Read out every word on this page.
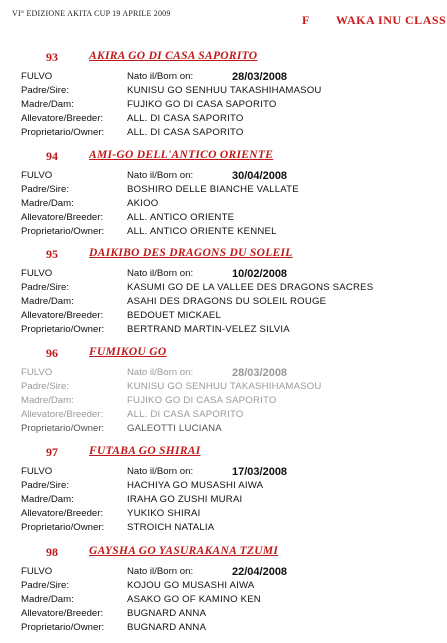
VI° EDIZIONE AKITA CUP 19 APRILE 2009	F WAKA INU CLASS
93	AKIRA GO DI CASA SAPORITO
FULVO	Nato il/Born on:	28/03/2008
Padre/Sire:	KUNISU GO SENHUU TAKASHIHAMASOU
Madre/Dam:	FUJIKO GO DI CASA SAPORITO
Allevatore/Breeder: ALL. DI CASA SAPORITO
Proprietario/Owner: ALL. DI CASA SAPORITO
94	AMI-GO DELL'ANTICO ORIENTE
FULVO	Nato il/Born on:	30/04/2008
Padre/Sire:	BOSHIRO DELLE BIANCHE VALLATE
Madre/Dam:	AKIOO
Allevatore/Breeder: ALL. ANTICO ORIENTE
Proprietario/Owner: ALL. ANTICO ORIENTE KENNEL
95	DAIKIBO DES DRAGONS DU SOLEIL
FULVO	Nato il/Born on:	10/02/2008
Padre/Sire:	KASUMI GO DE LA VALLEE DES DRAGONS SACRES
Madre/Dam:	ASAHI DES DRAGONS DU SOLEIL ROUGE
Allevatore/Breeder: BEDOUET MICKAEL
Proprietario/Owner: BERTRAND MARTIN-VELEZ SILVIA
96	FUMIKOU GO
FULVO	Nato il/Born on:	28/03/2008
Padre/Sire:	KUNISU GO SENHUU TAKASHIHAMASOU
Madre/Dam:	FUJIKO GO DI CASA SAPORITO
Allevatore/Breeder: ALL. DI CASA SAPORITO
Proprietario/Owner: GALEOTTI LUCIANA
97	FUTABA GO SHIRAI
FULVO	Nato il/Born on:	17/03/2008
Padre/Sire:	HACHIYA GO MUSASHI AIWA
Madre/Dam:	IRAHA GO ZUSHI MURAI
Allevatore/Breeder: YUKIKO SHIRAI
Proprietario/Owner: STROICH NATALIA
98	GAYSHA GO YASURAKANA TZUMI
FULVO	Nato il/Born on:	22/04/2008
Padre/Sire:	KOJOU GO MUSASHI AIWA
Madre/Dam:	ASAKO GO OF KAMINO KEN
Allevatore/Breeder: BUGNARD ANNA
Proprietario/Owner: BUGNARD ANNA
